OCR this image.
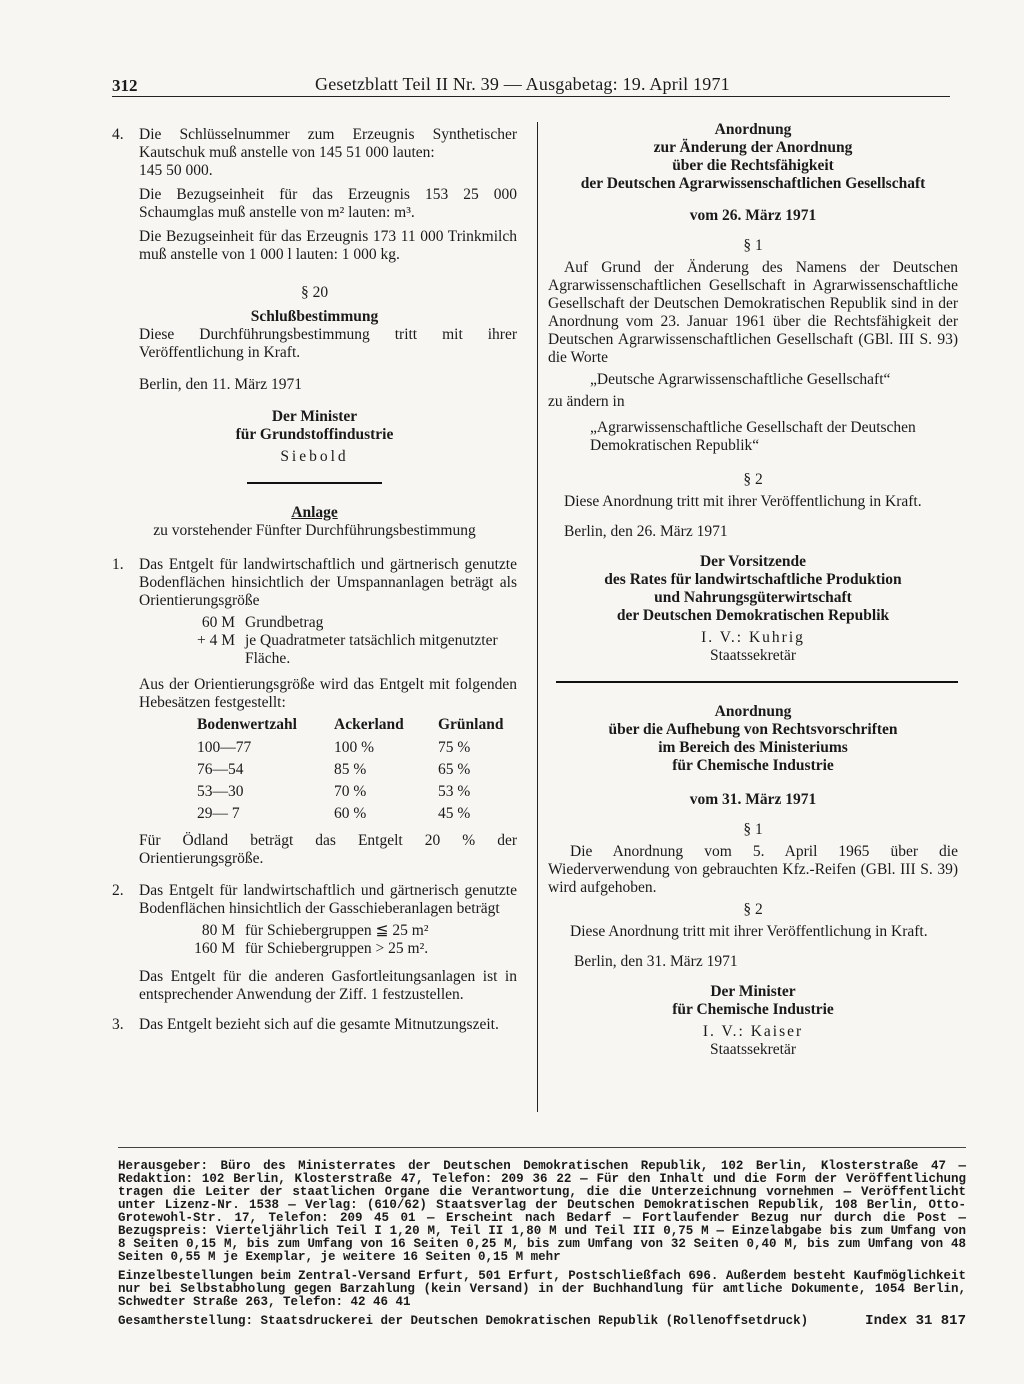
312	Gesetzblatt Teil II Nr. 39 — Ausgabetag: 19. April 1971
4. Die Schlüsselnummer zum Erzeugnis Synthetischer Kautschuk muß anstelle von 145 51 000 lauten:

145 50 000.

Die Bezugseinheit für das Erzeugnis 153 25 000 Schaumglas muß anstelle von m² lauten: m³.

Die Bezugseinheit für das Erzeugnis 173 11 000 Trinkmilch muß anstelle von 1 000 l lauten: 1 000 kg.

§ 20

Schlußbestimmung

Diese Durchführungsbestimmung tritt mit ihrer Veröffentlichung in Kraft.

Berlin, den 11. März 1971

Der Minister

für Grundstoffindustrie

Siebold

Anlage

zu vorstehender Fünfter Durchführungsbestimmung

1. Das Entgelt für landwirtschaftlich und gärtnerisch genutzte Bodenflächen hinsichtlich der Umspannanlagen beträgt als Orientierungsgröße

60 M Grundbetrag
+ 4 M je Quadratmeter tatsächlich mitgenutzter Fläche.

Aus der Orientierungsgröße wird das Entgelt mit folgenden Hebesätzen festgestellt:

Bodenwertzahl	Ackerland	Grünland
100—77	100 %	75 %
76—54	85 %	65 %
53—30	70 %	53 %
29— 7	60 %	45 %

Für Ödland beträgt das Entgelt 20 % der Orientierungsgröße.

2. Das Entgelt für landwirtschaftlich und gärtnerisch genutzte Bodenflächen hinsichtlich der Gasschieberanlagen beträgt

80 M für Schiebergruppen ≦ 25 m²
160 M für Schiebergruppen > 25 m².

Das Entgelt für die anderen Gasfortleitungsanlagen ist in entsprechender Anwendung der Ziff. 1 festzustellen.

3. Das Entgelt bezieht sich auf die gesamte Mitnutzungszeit.

Anordnung

zur Änderung der Anordnung

über die Rechtsfähigkeit

der Deutschen Agrarwissenschaftlichen Gesellschaft

vom 26. März 1971

§ 1

Auf Grund der Änderung des Namens der Deutschen Agrarwissenschaftlichen Gesellschaft in Agrarwissenschaftliche Gesellschaft der Deutschen Demokratischen Republik sind in der Anordnung vom 23. Januar 1961 über die Rechtsfähigkeit der Deutschen Agrarwissenschaftlichen Gesellschaft (GBl. III S. 93) die Worte

„Deutsche Agrarwissenschaftliche Gesellschaft“

zu ändern in

„Agrarwissenschaftliche Gesellschaft der Deutschen Demokratischen Republik“

§ 2

Diese Anordnung tritt mit ihrer Veröffentlichung in Kraft.

Berlin, den 26. März 1971

Der Vorsitzende

des Rates für landwirtschaftliche Produktion

und Nahrungsgüterwirtschaft

der Deutschen Demokratischen Republik

I. V.: Kuhrig

Staatssekretär

Anordnung

über die Aufhebung von Rechtsvorschriften

im Bereich des Ministeriums

für Chemische Industrie

vom 31. März 1971

§ 1

Die Anordnung vom 5. April 1965 über die Wiederverwendung von gebrauchten Kfz.-Reifen (GBl. III S. 39) wird aufgehoben.

§ 2

Diese Anordnung tritt mit ihrer Veröffentlichung in Kraft.

Berlin, den 31. März 1971

Der Minister

für Chemische Industrie

I. V.: Kaiser

Staatssekretär

Herausgeber: Büro des Ministerrates der Deutschen Demokratischen Republik, 102 Berlin, Klosterstraße 47 — Redaktion: 102 Berlin, Klosterstraße 47, Telefon: 209 36 22 — Für den Inhalt und die Form der Veröffentlichung tragen die Leiter der staatlichen Organe die Verantwortung, die die Unterzeichnung vornehmen — Veröffentlicht unter Lizenz-Nr. 1538 — Verlag: (610/62) Staatsverlag der Deutschen Demokratischen Republik, 108 Berlin, Otto-Grotewohl-Str. 17, Telefon: 209 45 01 — Erscheint nach Bedarf — Fortlaufender Bezug nur durch die Post — Bezugspreis: Vierteljährlich Teil I 1,20 M, Teil II 1,80 M und Teil III 0,75 M — Einzelabgabe bis zum Umfang von 8 Seiten 0,15 M, bis zum Umfang von 16 Seiten 0,25 M, bis zum Umfang von 32 Seiten 0,40 M, bis zum Umfang von 48 Seiten 0,55 M je Exemplar, je weitere 16 Seiten 0,15 M mehr

Einzelbestellungen beim Zentral-Versand Erfurt, 501 Erfurt, Postschließfach 696. Außerdem besteht Kaufmöglichkeit nur bei Selbstabholung gegen Barzahlung (kein Versand) in der Buchhandlung für amtliche Dokumente, 1054 Berlin, Schwedter Straße 263, Telefon: 42 46 41

Gesamtherstellung: Staatsdruckerei der Deutschen Demokratischen Republik (Rollenoffsetdruck)	Index 31 817
